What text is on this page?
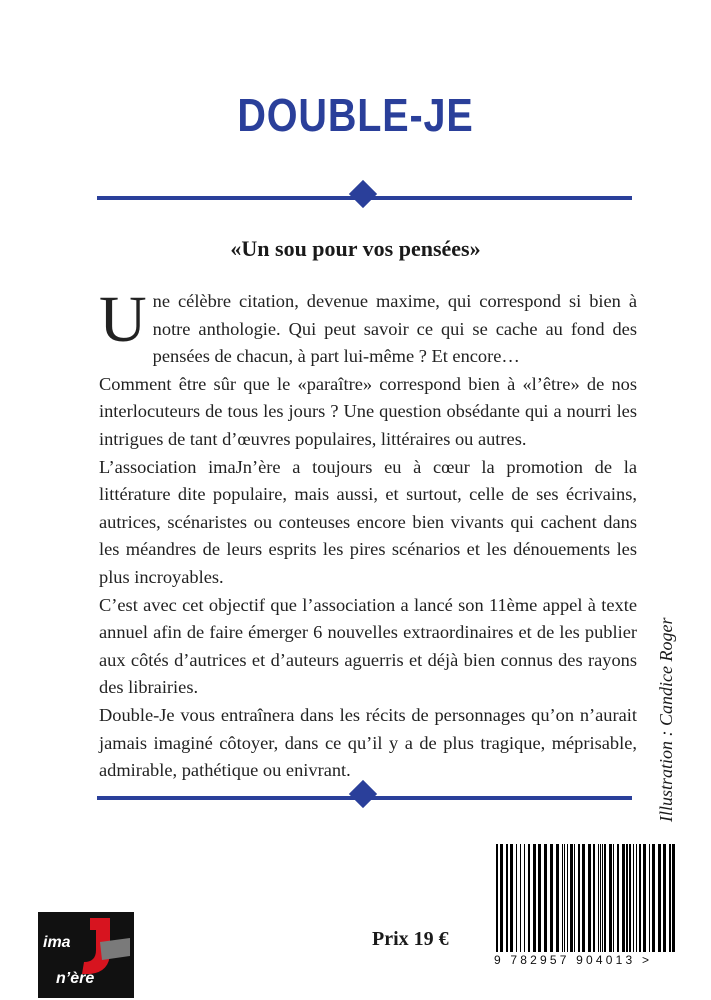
DOUBLE-JE
«Un sou pour vos pensées»

Une célèbre citation, devenue maxime, qui correspond si bien à notre anthologie. Qui peut savoir ce qui se cache au fond des pensées de chacun, à part lui-même ? Et encore…

Comment être sûr que le «paraître» correspond bien à «l’être» de nos interlocuteurs de tous les jours ? Une question obsédante qui a nourri les intrigues de tant d’œuvres populaires, littéraires ou autres.

L’association imaJn’ère a toujours eu à cœur la promotion de la littérature dite populaire, mais aussi, et surtout, celle de ses écrivains, autrices, scénaristes ou conteuses encore bien vivants qui cachent dans les méandres de leurs esprits les pires scénarios et les dénouements les plus incroyables.

C’est avec cet objectif que l’association a lancé son 11ème appel à texte annuel afin de faire émerger 6 nouvelles extraordinaires et de les publier aux côtés d’autrices et d’auteurs aguerris et déjà bien connus des rayons des librairies.

Double-Je vous entraînera dans les récits de personnages qu’on n’aurait jamais imaginé côtoyer, dans ce qu’il y a de plus tragique, méprisable, admirable, pathétique ou enivrant.	Illustration : Candice Roger
Prix 19 €
9 782957 904013 >
ima
n’ère
